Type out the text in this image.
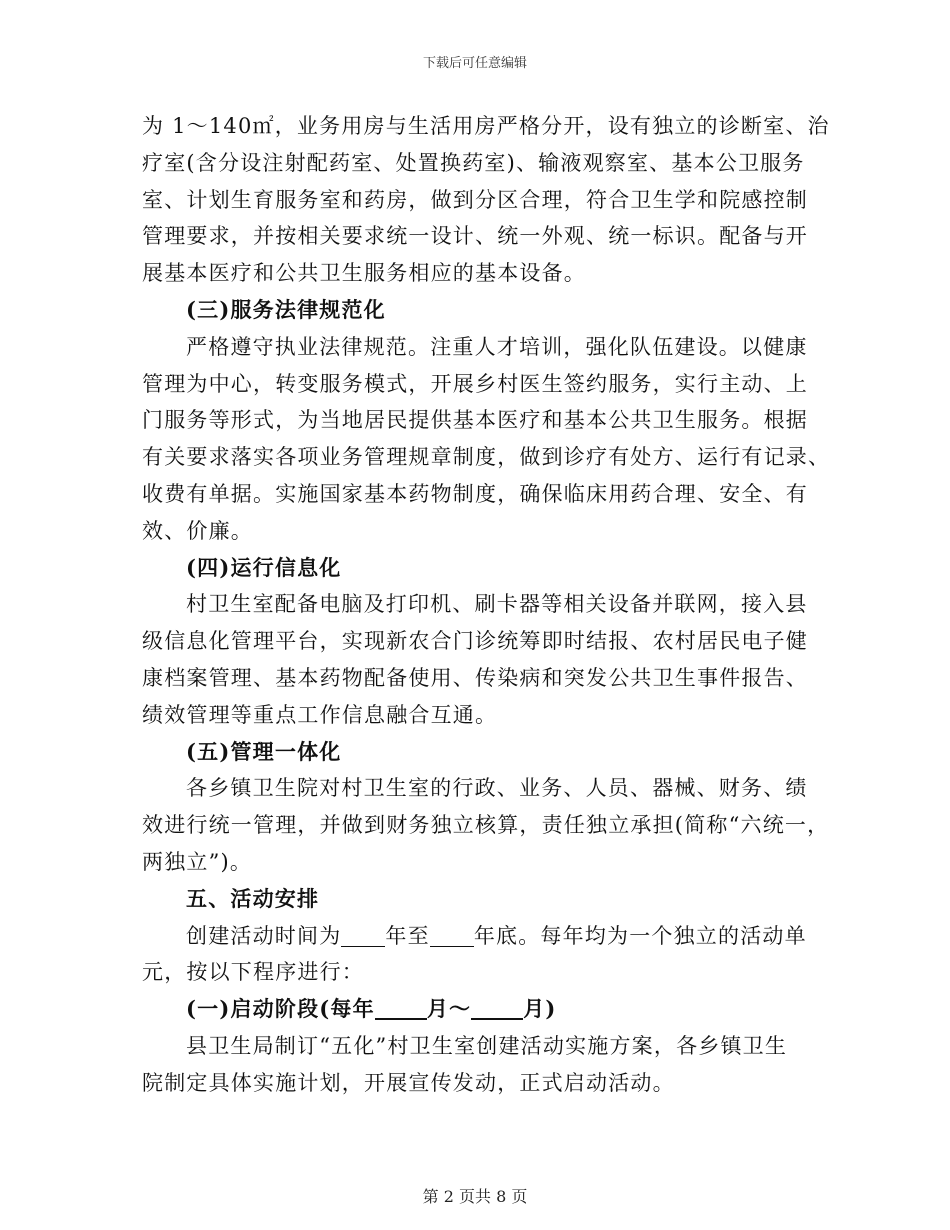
下载后可任意编辑
为 1～140㎡，业务用房与生活用房严格分开，设有独立的诊断室、治
疗室(含分设注射配药室、处置换药室)、输液观察室、基本公卫服务
室、计划生育服务室和药房，做到分区合理，符合卫生学和院感控制
管理要求，并按相关要求统一设计、统一外观、统一标识。配备与开
展基本医疗和公共卫生服务相应的基本设备。
(三)服务法律规范化
严格遵守执业法律规范。注重人才培训，强化队伍建设。以健康
管理为中心，转变服务模式，开展乡村医生签约服务，实行主动、上
门服务等形式，为当地居民提供基本医疗和基本公共卫生服务。根据
有关要求落实各项业务管理规章制度，做到诊疗有处方、运行有记录、
收费有单据。实施国家基本药物制度，确保临床用药合理、安全、有
效、价廉。
(四)运行信息化
村卫生室配备电脑及打印机、刷卡器等相关设备并联网，接入县
级信息化管理平台，实现新农合门诊统筹即时结报、农村居民电子健
康档案管理、基本药物配备使用、传染病和突发公共卫生事件报告、
绩效管理等重点工作信息融合互通。
(五)管理一体化
各乡镇卫生院对村卫生室的行政、业务、人员、器械、财务、绩
效进行统一管理，并做到财务独立核算，责任独立承担(简称“六统一，
两独立”)。
五、活动安排
创建活动时间为 年至 年底。每年均为一个独立的活动单
元，按以下程序进行：
(一)启动阶段(每年 月～ 月)
县卫生局制订“五化”村卫生室创建活动实施方案，各乡镇卫生
院制定具体实施计划，开展宣传发动，正式启动活动。
第 2 页共 8 页
